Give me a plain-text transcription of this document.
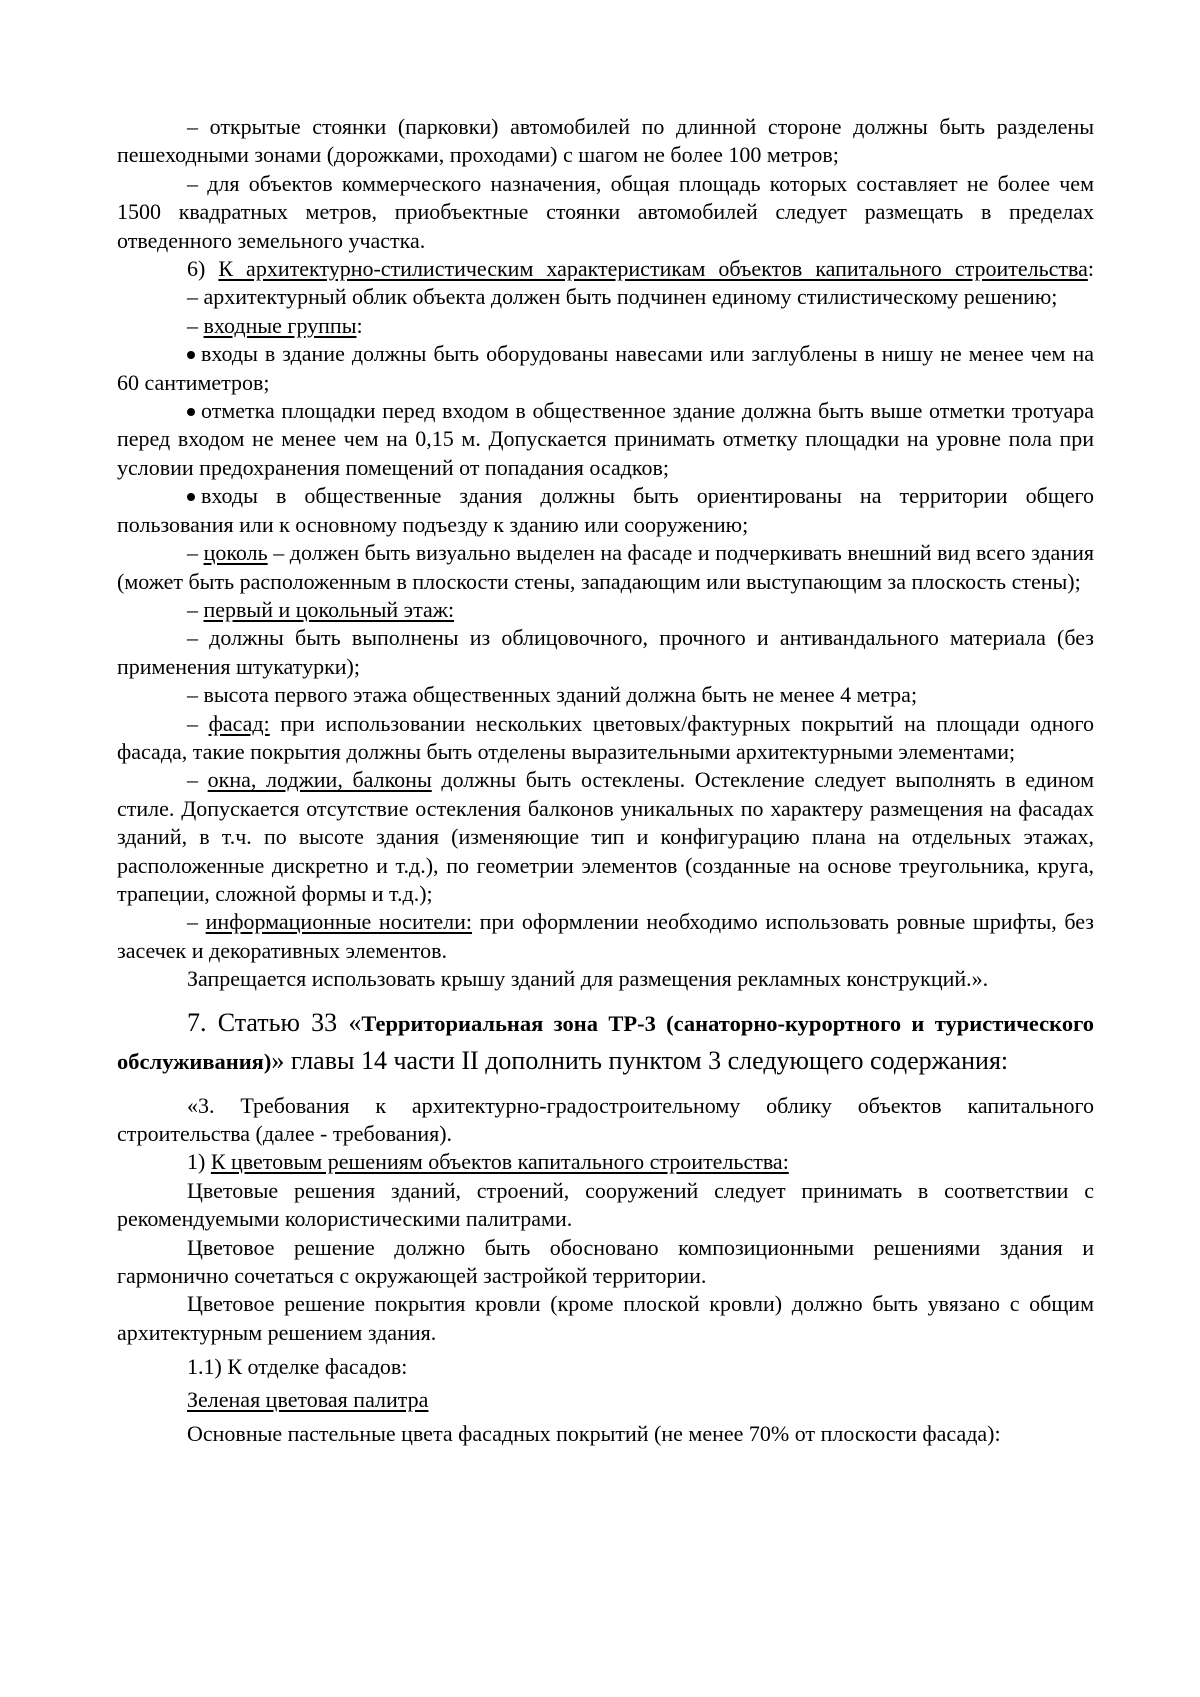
– открытые стоянки (парковки) автомобилей по длинной стороне должны быть разделены пешеходными зонами (дорожками, проходами) с шагом не более 100 метров;

– для объектов коммерческого назначения, общая площадь которых составляет не более чем 1500 квадратных метров, приобъектные стоянки автомобилей следует размещать в пределах отведенного земельного участка.

6) К архитектурно-стилистическим характеристикам объектов капитального строительства:

– архитектурный облик объекта должен быть подчинен единому стилистическому решению;

– входные группы:

входы в здание должны быть оборудованы навесами или заглублены в нишу не менее чем на 60 сантиметров;

отметка площадки перед входом в общественное здание должна быть выше отметки тротуара перед входом не менее чем на 0,15 м. Допускается принимать отметку площадки на уровне пола при условии предохранения помещений от попадания осадков;

входы в общественные здания должны быть ориентированы на территории общего пользования или к основному подъезду к зданию или сооружению;

– цоколь – должен быть визуально выделен на фасаде и подчеркивать внешний вид всего здания (может быть расположенным в плоскости стены, западающим или выступающим за плоскость стены);

– первый и цокольный этаж:

– должны быть выполнены из облицовочного, прочного и антивандального материала (без применения штукатурки);

– высота первого этажа общественных зданий должна быть не менее 4 метра;

– фасад: при использовании нескольких цветовых/фактурных покрытий на площади одного фасада, такие покрытия должны быть отделены выразительными архитектурными элементами;

– окна, лоджии, балконы должны быть остеклены. Остекление следует выполнять в едином стиле. Допускается отсутствие остекления балконов уникальных по характеру размещения на фасадах зданий, в т.ч. по высоте здания (изменяющие тип и конфигурацию плана на отдельных этажах, расположенные дискретно и т.д.), по геометрии элементов (созданные на основе треугольника, круга, трапеции, сложной формы и т.д.);

– информационные носители: при оформлении необходимо использовать ровные шрифты, без засечек и декоративных элементов.

Запрещается использовать крышу зданий для размещения рекламных конструкций.».

7. Статью 33 «Территориальная зона ТР-3 (санаторно-курортного и туристического обслуживания)» главы 14 части II дополнить пунктом 3 следующего содержания:

«3. Требования к архитектурно-градостроительному облику объектов капитального строительства (далее - требования).

1) К цветовым решениям объектов капитального строительства:

Цветовые решения зданий, строений, сооружений следует принимать в соответствии с рекомендуемыми колористическими палитрами.

Цветовое решение должно быть обосновано композиционными решениями здания и гармонично сочетаться с окружающей застройкой территории.

Цветовое решение покрытия кровли (кроме плоской кровли) должно быть увязано с общим архитектурным решением здания.

1.1) К отделке фасадов:

Зеленая цветовая палитра

Основные пастельные цвета фасадных покрытий (не менее 70% от плоскости фасада):
